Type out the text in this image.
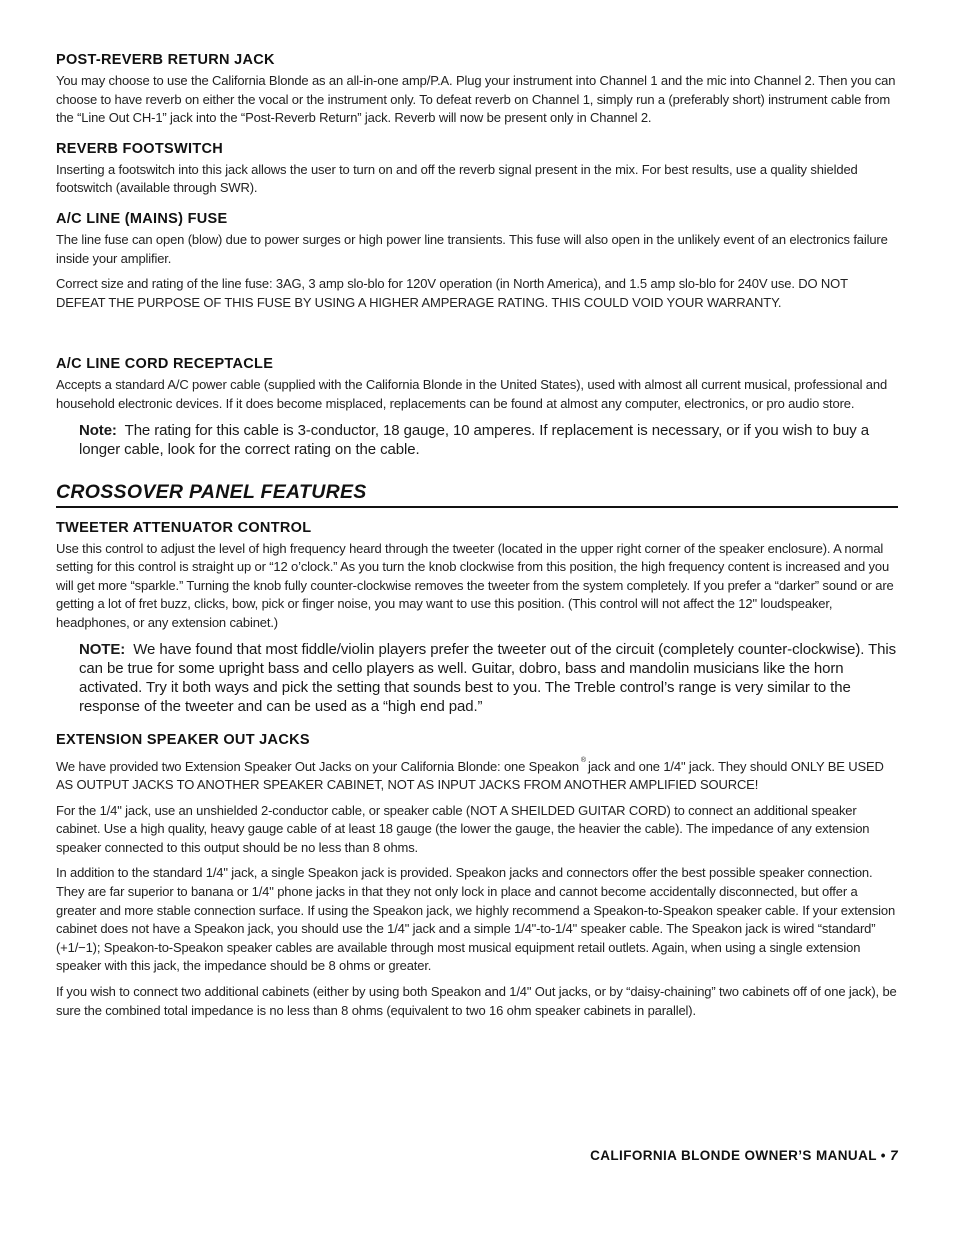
POST-REVERB RETURN JACK

You may choose to use the California Blonde as an all-in-one amp/P.A. Plug your instrument into Channel 1 and the mic into Channel 2. Then you can choose to have reverb on either the vocal or the instrument only. To defeat reverb on Channel 1, simply run a (preferably short) instrument cable from the “Line Out CH-1” jack into the “Post-Reverb Return” jack. Reverb will now be present only in Channel 2.

REVERB FOOTSWITCH

Inserting a footswitch into this jack allows the user to turn on and off the reverb signal present in the mix. For best results, use a quality shielded footswitch (available through SWR).

A/C LINE (MAINS) FUSE

The line fuse can open (blow) due to power surges or high power line transients. This fuse will also open in the unlikely event of an electronics failure inside your amplifier.

Correct size and rating of the line fuse: 3AG, 3 amp slo-blo for 120V operation (in North America), and 1.5 amp slo-blo for 240V use. DO NOT DEFEAT THE PURPOSE OF THIS FUSE BY USING A HIGHER AMPERAGE RATING. THIS COULD VOID YOUR WARRANTY.

A/C LINE CORD RECEPTACLE

Accepts a standard A/C power cable (supplied with the California Blonde in the United States), used with almost all current musical, professional and household electronic devices. If it does become misplaced, replacements can be found at almost any computer, electronics, or pro audio store.

Note: The rating for this cable is 3-conductor, 18 gauge, 10 amperes. If replacement is necessary, or if you wish to buy a longer cable, look for the correct rating on the cable.
CROSSOVER PANEL FEATURES
TWEETER ATTENUATOR CONTROL

Use this control to adjust the level of high frequency heard through the tweeter (located in the upper right corner of the speaker enclosure). A normal setting for this control is straight up or “12 o’clock.” As you turn the knob clockwise from this position, the high frequency content is increased and you will get more “sparkle.” Turning the knob fully counter-clockwise removes the tweeter from the system completely. If you prefer a “darker” sound or are getting a lot of fret buzz, clicks, bow, pick or finger noise, you may want to use this position. (This control will not affect the 12" loudspeaker, headphones, or any extension cabinet.)

NOTE: We have found that most fiddle/violin players prefer the tweeter out of the circuit (completely counter-clockwise). This can be true for some upright bass and cello players as well. Guitar, dobro, bass and mandolin musicians like the horn activated. Try it both ways and pick the setting that sounds best to you. The Treble control’s range is very similar to the response of the tweeter and can be used as a “high end pad.”
EXTENSION SPEAKER OUT JACKS

We have provided two Extension Speaker Out Jacks on your California Blonde: one Speakon ® jack and one 1/4" jack. They should ONLY BE USED AS OUTPUT JACKS TO ANOTHER SPEAKER CABINET, NOT AS INPUT JACKS FROM ANOTHER AMPLIFIED SOURCE!

For the 1/4" jack, use an unshielded 2-conductor cable, or speaker cable (NOT A SHEILDED GUITAR CORD) to connect an additional speaker cabinet. Use a high quality, heavy gauge cable of at least 18 gauge (the lower the gauge, the heavier the cable). The impedance of any extension speaker connected to this output should be no less than 8 ohms.

In addition to the standard 1/4" jack, a single Speakon jack is provided. Speakon jacks and connectors offer the best possible speaker connection. They are far superior to banana or 1/4" phone jacks in that they not only lock in place and cannot become accidentally disconnected, but offer a greater and more stable connection surface. If using the Speakon jack, we highly recommend a Speakon-to-Speakon speaker cable. If your extension cabinet does not have a Speakon jack, you should use the 1/4" jack and a simple 1/4"-to-1/4" speaker cable. The Speakon jack is wired “standard” (+1/−1); Speakon-to-Speakon speaker cables are available through most musical equipment retail outlets. Again, when using a single extension speaker with this jack, the impedance should be 8 ohms or greater.

If you wish to connect two additional cabinets (either by using both Speakon and 1/4" Out jacks, or by “daisy-chaining” two cabinets off of one jack), be sure the combined total impedance is no less than 8 ohms (equivalent to two 16 ohm speaker cabinets in parallel).

CALIFORNIA BLONDE OWNER’S MANUAL • 7
